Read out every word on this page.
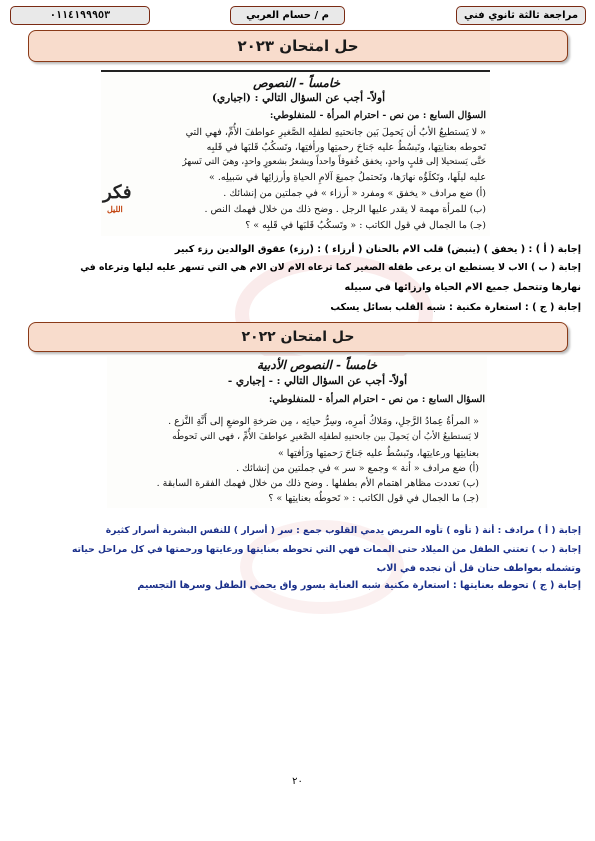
٠١١٤١٩٩٩٥٣	م / حسام العربي	مراجعة ثالثة ثانوي فني
حل امتحان ٢٠٢٣
خامساً - النصوص
أولاً- أجب عن السؤال التالي : (اجباري)
السؤال السابع : من نص - احترام المرأة - للمنفلوطي:
« لا يَستطيعُ الأبُ أن يَحمِلَ بَين جانحتيهِ لطفلِه الصَّغيرِ عواطفَ الأُمِّ، فهي التي
تَحوطه بعنايتِها، وتَبسُطُ عليه جَناحَ رحمتِها ورأفتِها، وتَسكُبُ قَلبَها في قَلبِه
حَتَّى يَستحيلا إلى قلبٍ واحدٍ، يخفق خُفوقاً واحداً ويشعرُ بشعورٍ واحدٍ، وهيَ التي تَسهرُ
عليه ليلَها، وتَكلَؤُه نهارَها، وتَحتملُ جميعَ آلامِ الحياةِ وأرزائِها في سَبيلِه. »
(أ) ضع مرادف « يخفق » ومفرد « أرزاء » في جملتين من إنشائك .
(ب) للمرأة مهمة لا يقدر عليها الرجل . وضح ذلك من خلال فهمك النص .
(جـ) ما الجمال في قول الكاتب : « وتَسكُبُ قَلبَها في قَلبِه » ؟
فكر
الليل
إجابة ( أ ) : ( يخفق ) (ينبض) قلب الام بالحنان ( أرزاء ) : (رزء) عقوق الوالدين رزء كبير
إجابة ( ب ) الاب لا يستطيع ان يرعى طفله الصغير كما ترعاه الام لان الام هي التي تسهر عليه ليلها وترعاه في
نهارها وتتحمل جميع الام الحياة وارزائها في سبيله
إجابة ( ج ) : استعارة مكنية : شبه القلب بسائل يسكب
حل امتحان ٢٠٢٢
خامساً - النصوص الأدبية
أولاً- أجب عن السؤال التالي : - إجباري -
السؤال السابع : من نص - احترام المرأة - للمنفلوطي:
« المرأةُ عِمادُ الرَّجلِ، ومَلاكُ أمرِه، وسِرُّ حياتِه ، مِن صَرخةِ الوضعِ إلى أَنَّةِ النَّزع .
لا يَستطيعُ الأبُ أن يَحمِلَ بين جانحتيهِ لطفلِه الصَّغيرِ عواطفَ الأُمِّ ، فهي التي تَحوطُه
بعنايتِها ورعايتِها، وتَبسُطُ عليه جَناحَ رَحمتِها ورَأفتِها »
(أ) ضع مرادف « أنة » وجمع « سر » في جملتين من إنشائك .
(ب) تعددت مظاهر اهتمام الأم بطفلها . وضح ذلك من خلال فهمك الفقرة السابقة .
(جـ) ما الجمال في قول الكاتب : « تَحوطُه بعنايتِها » ؟
إجابة ( أ ) مرادف : أنة ( تأوه ) تأوه المريض يدمي القلوب جمع : سر ( أسرار ) للنفس البشرية أسرار كثيرة
إجابة ( ب ) تعتني الطفل من الميلاد حتى الممات فهي التي تحوطه بعنايتها ورعايتها ورحمتها في كل مراحل حياته
وتشمله بعواطف حنان قل أن نجده في الاب
إجابة ( ج ) تحوطه بعنايتها : استعارة مكنية شبه العناية بسور واق يحمي الطفل وسرها التجسيم
٢٠
